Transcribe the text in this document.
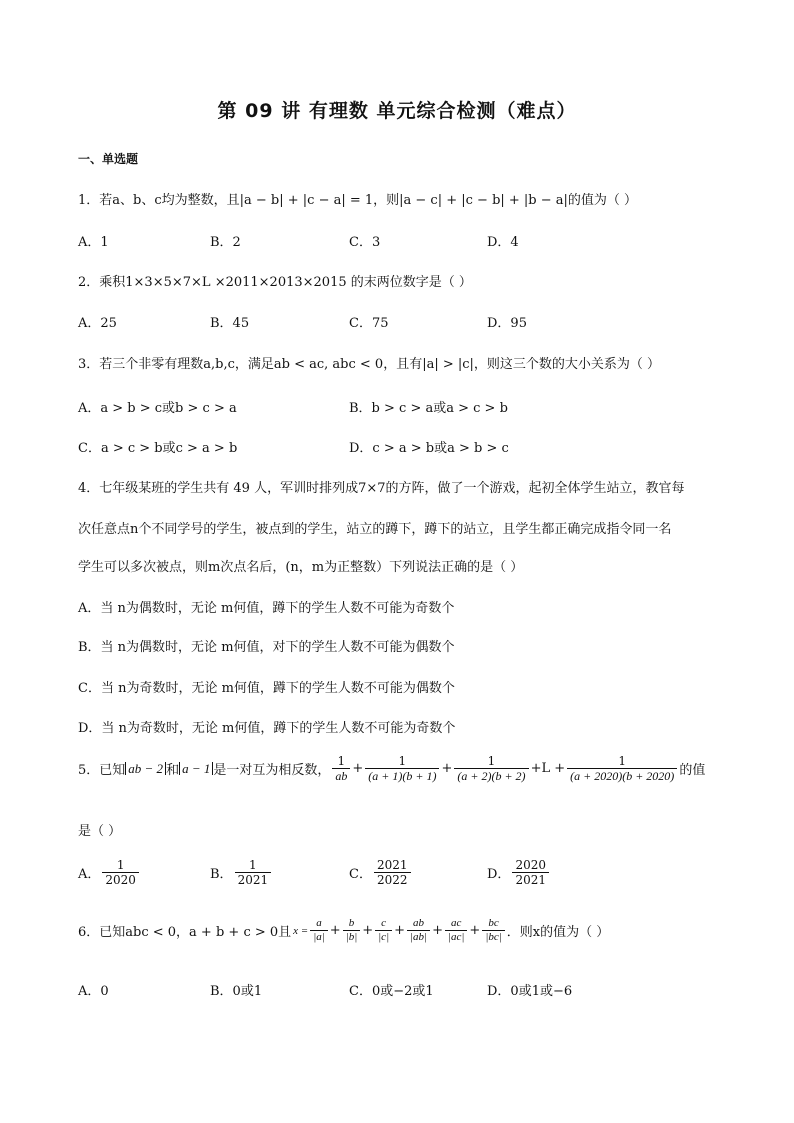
第 09 讲 有理数 单元综合检测（难点）
一、单选题
1．若a、b、c均为整数，且|a − b| + |c − a| = 1，则|a − c| + |c − b| + |b − a|的值为（ ）
A．1	B．2	C．3	D．4
2．乘积1×3×5×7×L ×2011×2013×2015 的末两位数字是（ ）
A．25	B．45	C．75	D．95
3．若三个非零有理数a,b,c，满足ab < ac, abc < 0，且有|a| > |c|，则这三个数的大小关系为（ ）
A．a > b > c或b > c > a	B．b > c > a或a > c > b
C．a > c > b或c > a > b	D．c > a > b或a > b > c
4．七年级某班的学生共有 49 人，军训时排列成7×7的方阵，做了一个游戏，起初全体学生站立，教官每
次任意点n个不同学号的学生，被点到的学生，站立的蹲下，蹲下的站立，且学生都正确完成指令同一名
学生可以多次被点，则m次点名后，(n，m为正整数）下列说法正确的是（ ）
A．当 n为偶数时，无论 m何值，蹲下的学生人数不可能为奇数个
B．当 n为偶数时，无论 m何值，对下的学生人数不可能为偶数个
C．当 n为奇数时，无论 m何值，蹲下的学生人数不可能为偶数个
D．当 n为奇数时，无论 m何值，蹲下的学生人数不可能为奇数个
5．已知 ab − 2 和 a − 1 是一对互为相反数， $\frac{1}{ab} + \frac{1}{(a + 1)(b + 1)} + \frac{1}{(a + 2)(b + 2)} +L + \frac{1}{(a + 2020)(b + 2020)}$ 的值
是（ ）
A． $\frac{1}{2020}$	B． $\frac{1}{2021}$	C． $\frac{2021}{2022}$	D． $\frac{2020}{2021}$
6．已知abc < 0，a + b + c > 0且 $x = \frac{a}{|a|} + \frac{b}{|b|} + \frac{c}{|c|} + \frac{ab}{|ab|} + \frac{ac}{|ac|} + \frac{bc}{|bc|}$ ．则x的值为（ ）
A．0	B．0或1	C．0或−2或1	D．0或1或−6
